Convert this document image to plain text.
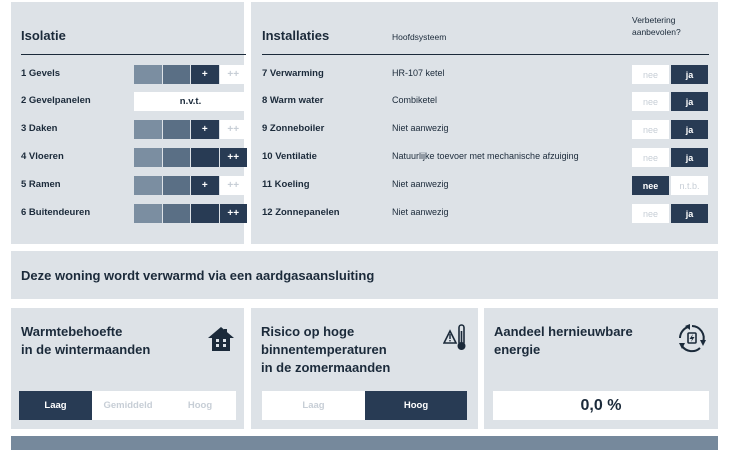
Isolatie
1 Gevels	+	++
2 Gevelpanelen	n.v.t.
3 Daken	+	++
4 Vloeren	++
5 Ramen	+	++
6 Buitendeuren	++
Installaties	Hoofdsysteem
Verbetering aanbevolen?
7 Verwarming	HR-107 ketel	nee	ja
8 Warm water	Combiketel	nee	ja
9 Zonneboiler	Niet aanwezig	nee	ja
10 Ventilatie	Natuurlijke toevoer met mechanische afzuiging	nee	ja
11 Koeling	Niet aanwezig	nee	n.t.b.
12 Zonnepanelen	Niet aanwezig	nee	ja
Deze woning wordt verwarmd via een aardgasaansluiting
Warmtebehoefte
in de wintermaanden
Laag	Gemiddeld	Hoog
Risico op hoge
binnentemperaturen
in de zomermaanden
Laag	Hoog
Aandeel hernieuwbare
energie
0,0 %
